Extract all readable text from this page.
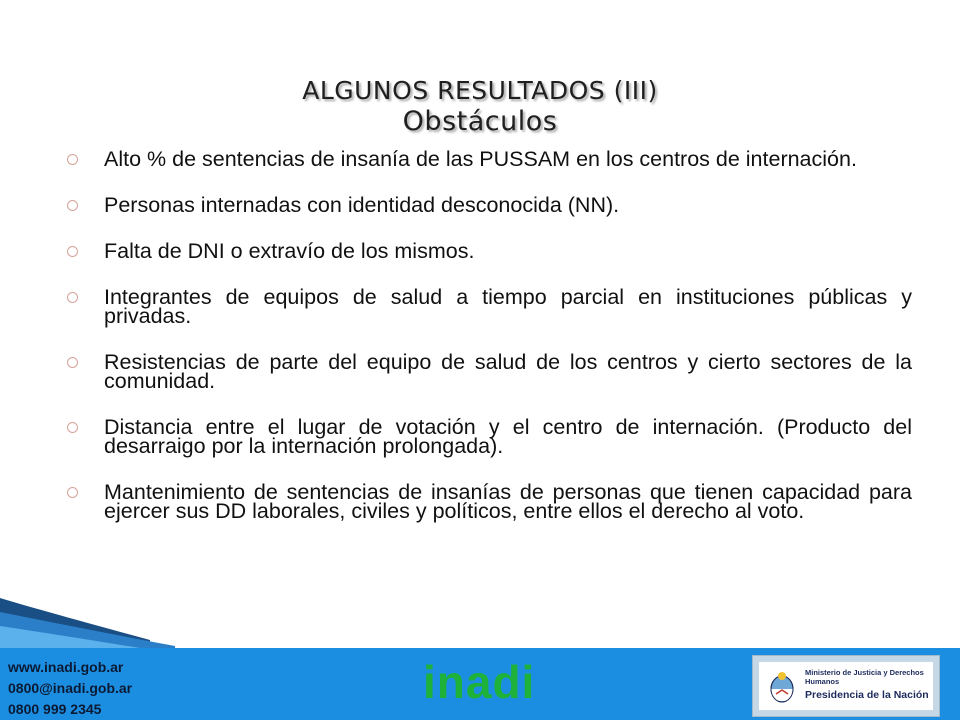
ALGUNOS RESULTADOS (III)
Obstáculos
Alto % de sentencias de insanía de las PUSSAM en los centros de internación.
Personas internadas con identidad desconocida (NN).
Falta de DNI o extravío de los mismos.
Integrantes de equipos de salud a tiempo parcial en instituciones públicas y privadas.
Resistencias de parte del equipo de salud de los centros y cierto sectores de la comunidad.
Distancia entre el lugar de votación y el centro de internación. (Producto del desarraigo por la internación prolongada).
Mantenimiento de sentencias de insanías de personas que tienen capacidad para ejercer sus DD laborales, civiles y políticos, entre ellos el derecho al voto.
www.inadi.gob.ar
0800@inadi.gob.ar
0800 999 2345
inadi	Ministerio de Justicia y Derechos Humanos
Presidencia de la Nación
